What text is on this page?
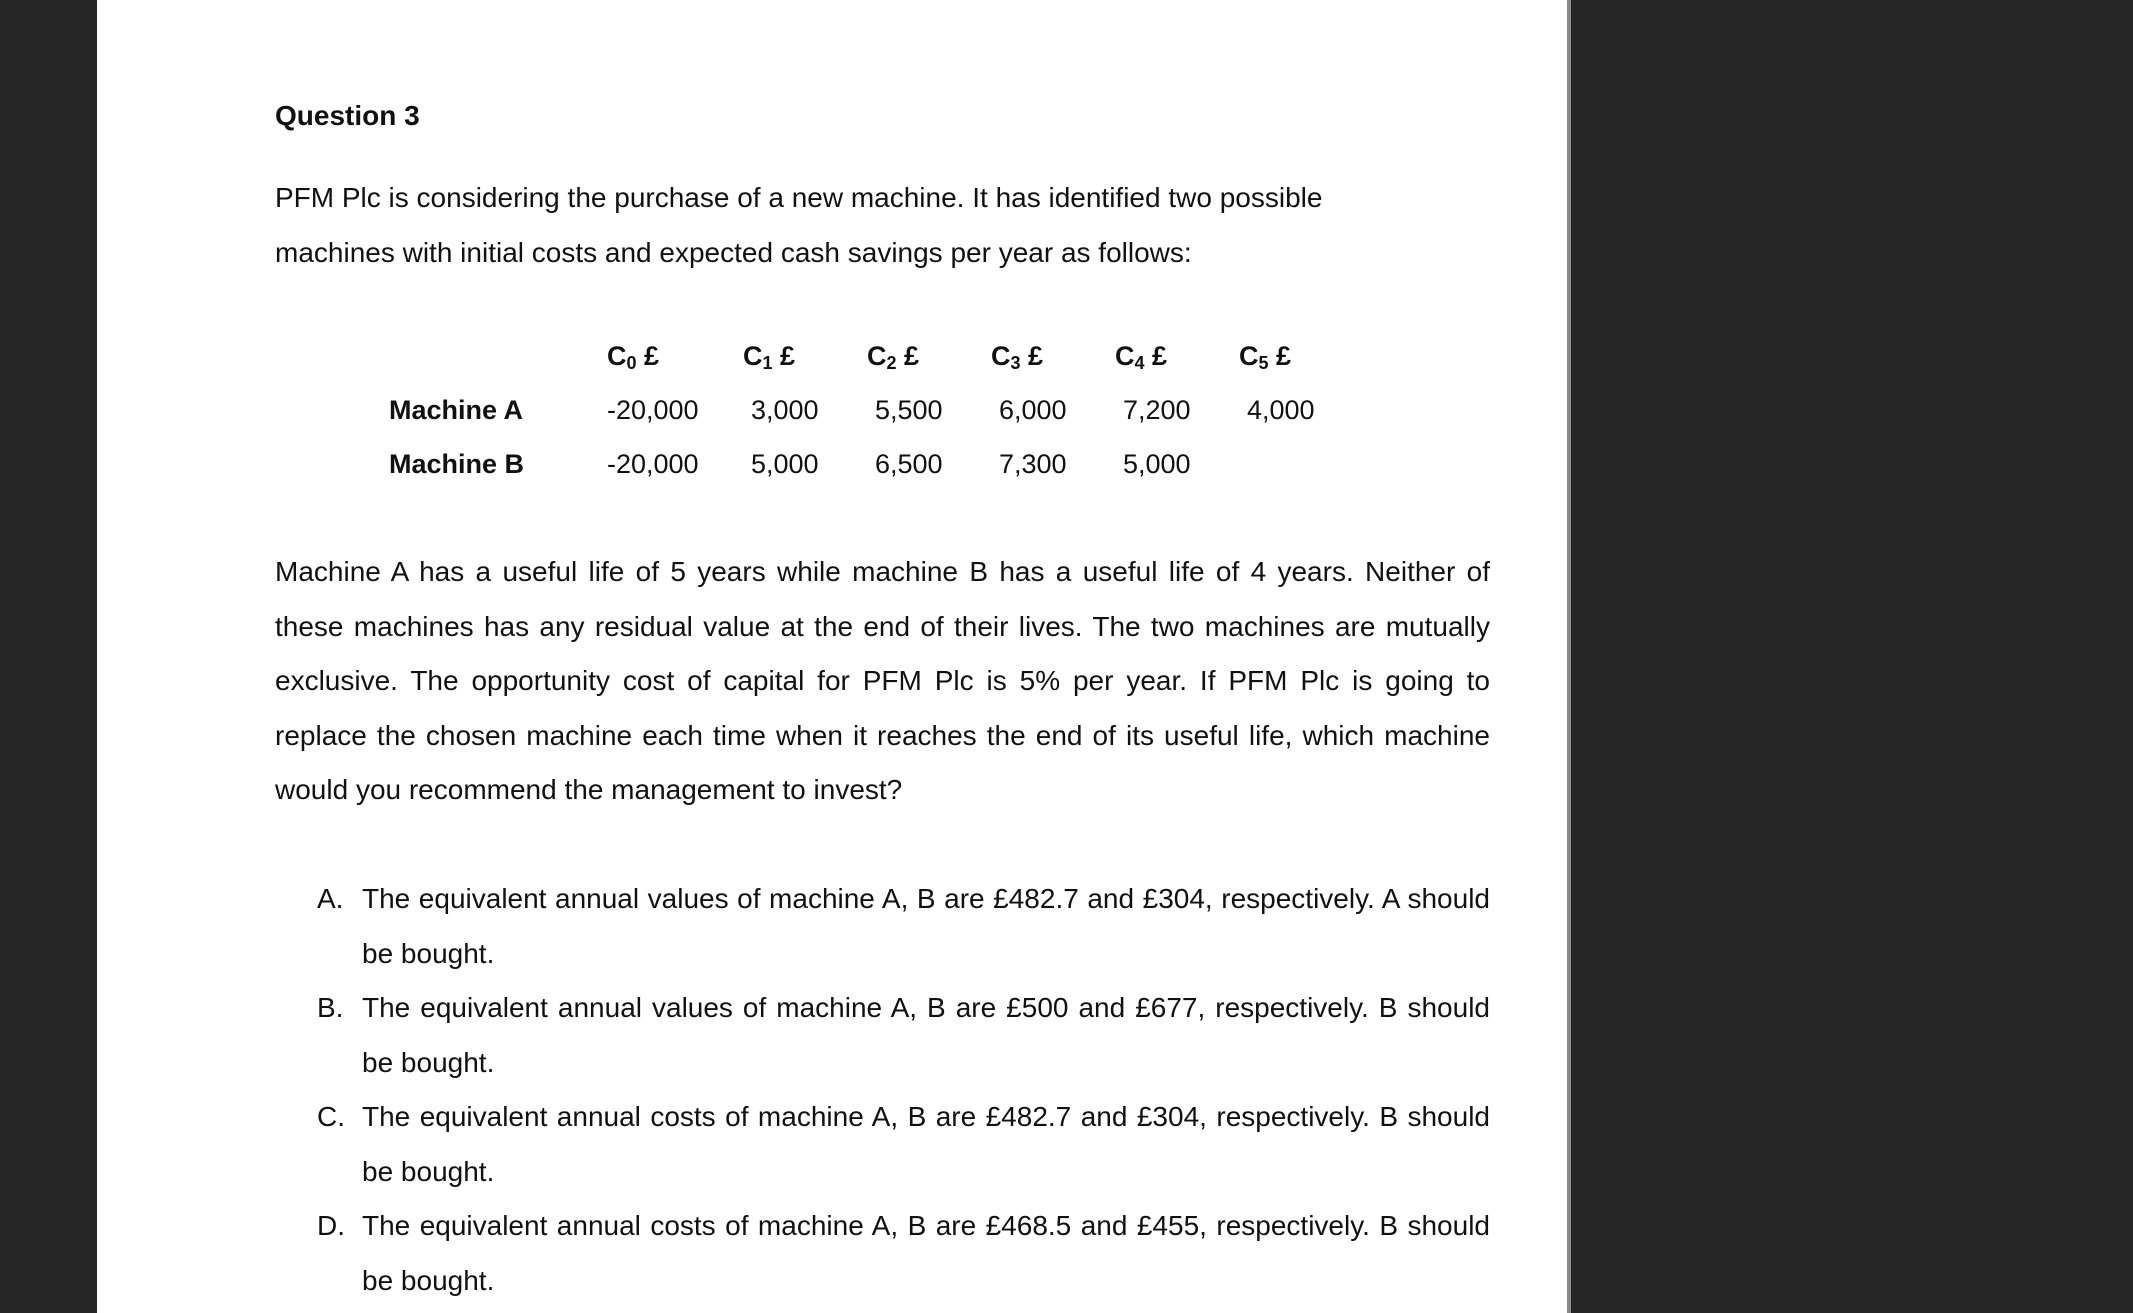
Question 3

PFM Plc is considering the purchase of a new machine. It has identified two possible

machines with initial costs and expected cash savings per year as follows:

$C_0$ £	$C_1$ £	$C_2$ £	$C_3$ £	$C_4$ £	$C_5$ £
Machine A	-20,000 3,000 5,500 6,000 7,200 4,000
Machine B	-20,000 5,000 6,500 7,300 5,000
Machine A has a useful life of 5 years while machine B has a useful life of 4 years. Neither of these machines has any residual value at the end of their lives. The two machines are mutually exclusive. The opportunity cost of capital for PFM Plc is 5% per year. If PFM Plc is going to replace the chosen machine each time when it reaches the end of its useful life, which machine would you recommend the management to invest?
A. The equivalent annual values of machine A, B are £482.7 and £304, respectively. A should be bought.
B. The equivalent annual values of machine A, B are £500 and £677, respectively. B should be bought.
C. The equivalent annual costs of machine A, B are £482.7 and £304, respectively. B should be bought.
D. The equivalent annual costs of machine A, B are £468.5 and £455, respectively. B should be bought.
